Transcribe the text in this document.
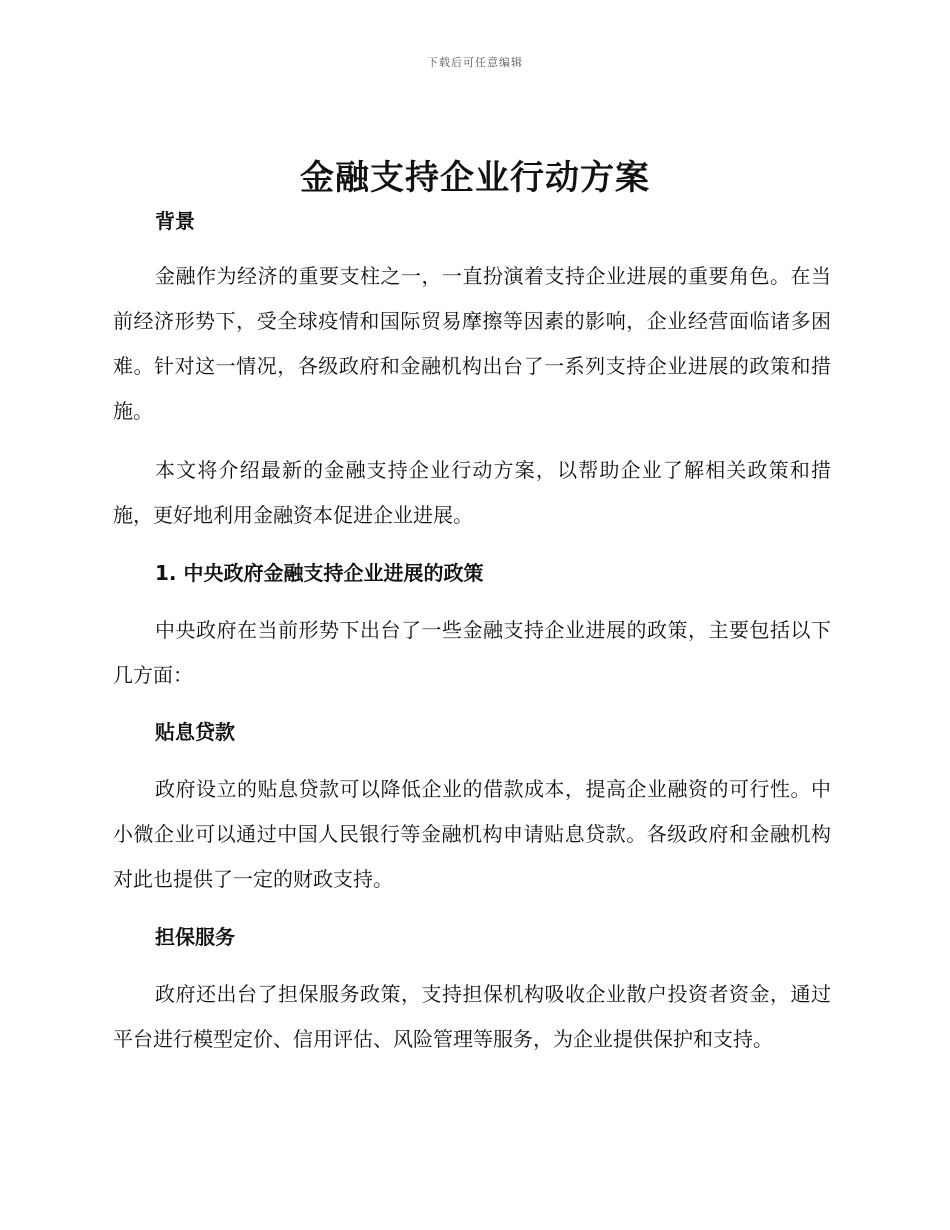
下载后可任意编辑
金融支持企业行动方案
背景

金融作为经济的重要支柱之一，一直扮演着支持企业进展的重要角色。在当前经济形势下，受全球疫情和国际贸易摩擦等因素的影响，企业经营面临诸多困难。针对这一情况，各级政府和金融机构出台了一系列支持企业进展的政策和措施。

本文将介绍最新的金融支持企业行动方案，以帮助企业了解相关政策和措施，更好地利用金融资本促进企业进展。

1. 中央政府金融支持企业进展的政策

中央政府在当前形势下出台了一些金融支持企业进展的政策，主要包括以下几方面：

贴息贷款

政府设立的贴息贷款可以降低企业的借款成本，提高企业融资的可行性。中小微企业可以通过中国人民银行等金融机构申请贴息贷款。各级政府和金融机构对此也提供了一定的财政支持。

担保服务

政府还出台了担保服务政策，支持担保机构吸收企业散户投资者资金，通过平台进行模型定价、信用评估、风险管理等服务，为企业提供保护和支持。
